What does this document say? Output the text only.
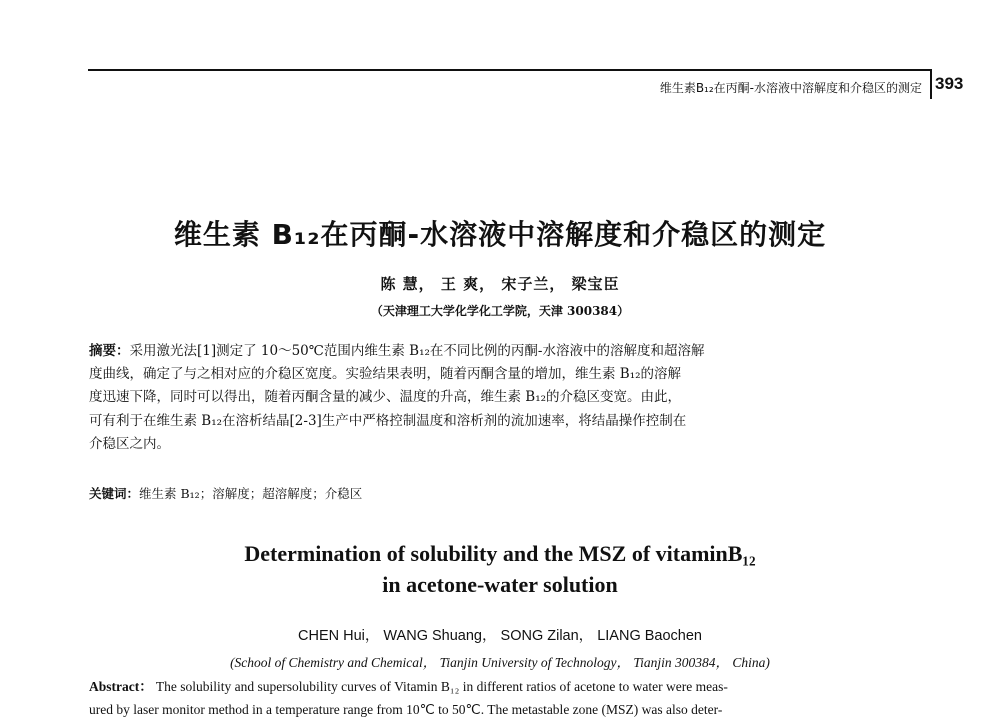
维生素B₁₂在丙酮-水溶液中溶解度和介稳区的测定 393
维生素 B₁₂在丙酮-水溶液中溶解度和介稳区的测定
陈 慧， 王 爽， 宋子兰， 梁宝臣
（天津理工大学化学化工学院，天津 300384）
摘要：采用激光法[1]测定了 10～50℃范围内维生素 B₁₂在不同比例的丙酮-水溶液中的溶解度和超溶解
度曲线，确定了与之相对应的介稳区宽度。实验结果表明，随着丙酮含量的增加，维生素 B₁₂的溶解
度迅速下降，同时可以得出，随着丙酮含量的减少、温度的升高，维生素 B₁₂的介稳区变宽。由此，
可有利于在维生素 B₁₂在溶析结晶[2-3]生产中严格控制温度和溶析剂的流加速率，将结晶操作控制在
介稳区之内。
关键词：维生素 B₁₂；溶解度；超溶解度；介稳区
Determination of solubility and the MSZ of vitaminB₁₂
in acetone-water solution
CHEN Hui， WANG Shuang， SONG Zilan， LIANG Baochen
(School of Chemistry and Chemical， Tianjin University of Technology， Tianjin 300384， China)
Abstract： The solubility and supersolubility curves of Vitamin B₁₂ in different ratios of acetone to water were meas-
ured by laser monitor method in a temperature range from 10℃ to 50℃. The metastable zone (MSZ) was also deter-
